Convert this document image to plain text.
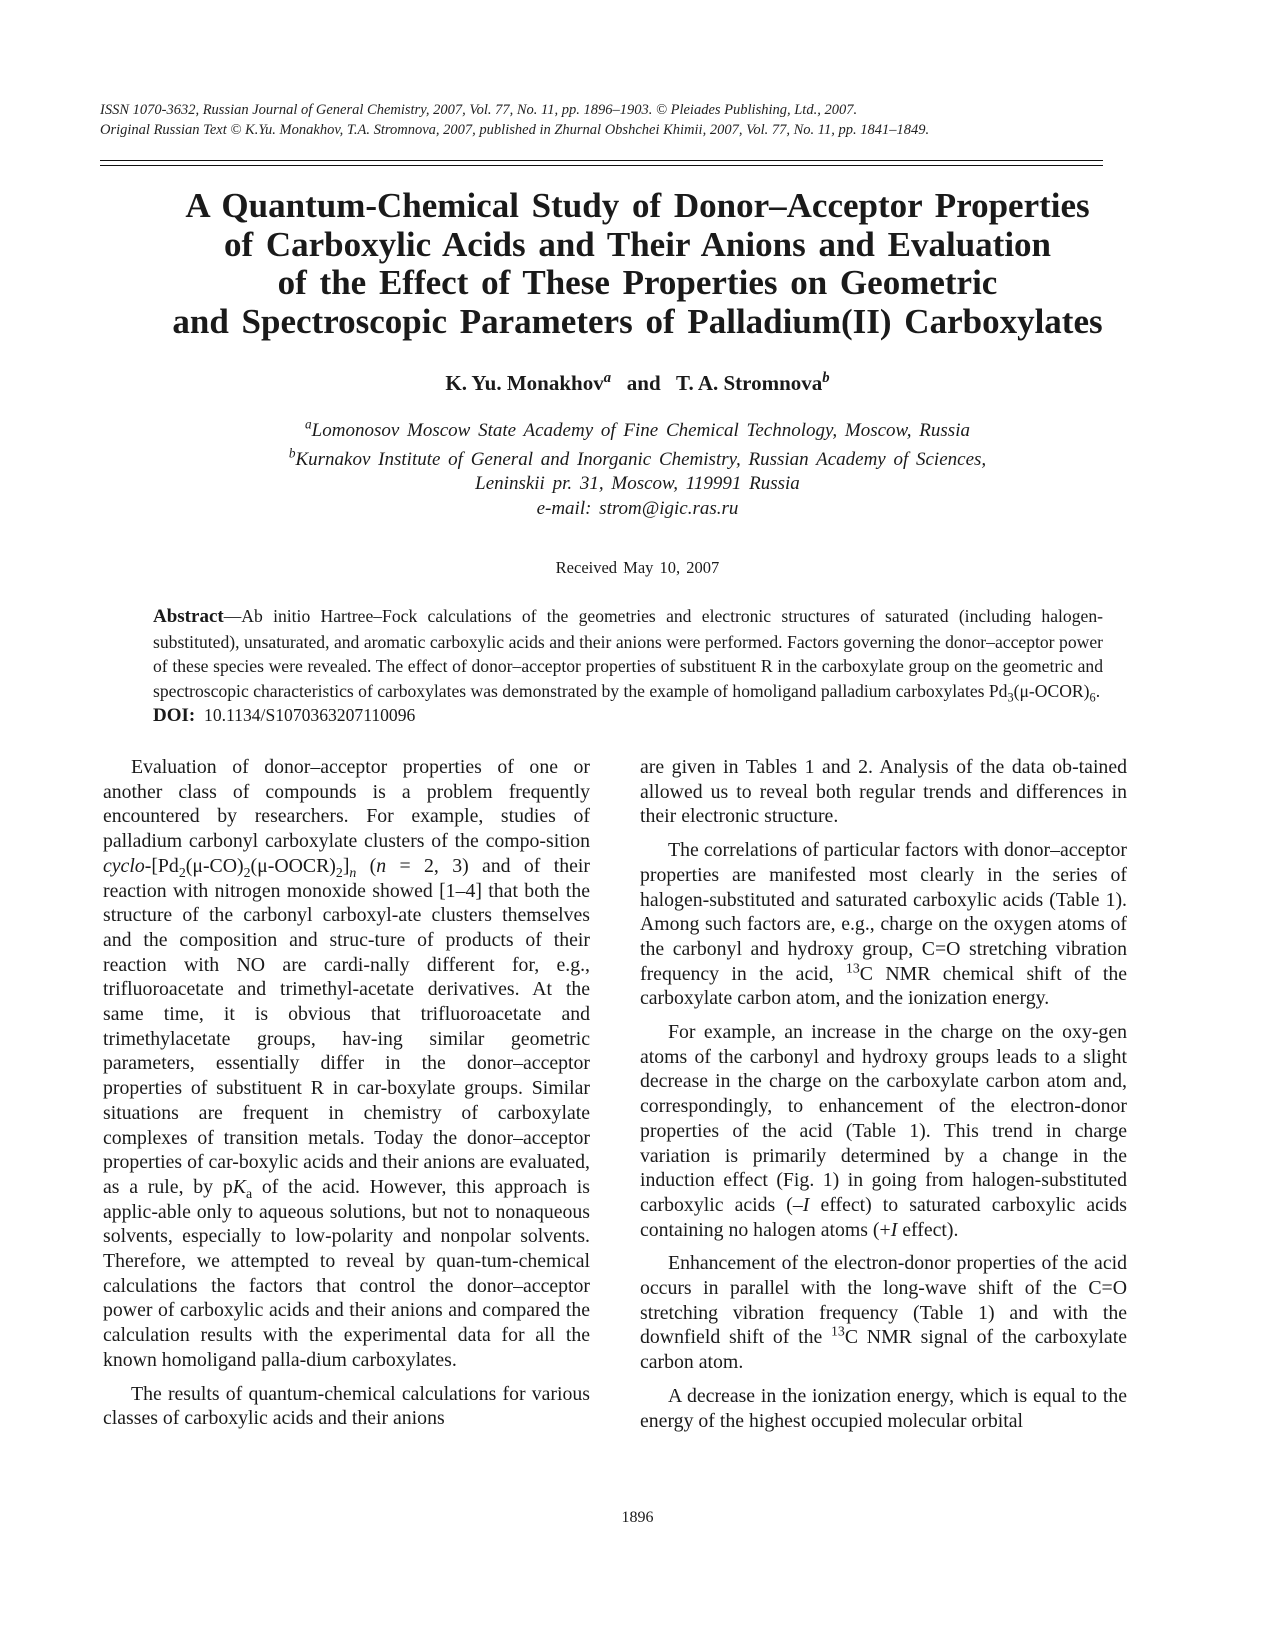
ISSN 1070-3632, Russian Journal of General Chemistry, 2007, Vol. 77, No. 11, pp. 1896–1903. © Pleiades Publishing, Ltd., 2007.
Original Russian Text © K.Yu. Monakhov, T.A. Stromnova, 2007, published in Zhurnal Obshchei Khimii, 2007, Vol. 77, No. 11, pp. 1841–1849.
A Quantum-Chemical Study of Donor–Acceptor Properties
of Carboxylic Acids and Their Anions and Evaluation
of the Effect of These Properties on Geometric
and Spectroscopic Parameters of Palladium(II) Carboxylates
K. Yu. Monakhov$^a$ and T. A. Stromnova$^b$
$^a$Lomonosov Moscow State Academy of Fine Chemical Technology, Moscow, Russia
$^b$Kurnakov Institute of General and Inorganic Chemistry, Russian Academy of Sciences,
Leninskii pr. 31, Moscow, 119991 Russia
e-mail: strom@igic.ras.ru
Received May 10, 2007
Abstract—Ab initio Hartree–Fock calculations of the geometries and electronic structures of saturated (including halogen-substituted), unsaturated, and aromatic carboxylic acids and their anions were performed. Factors governing the donor–acceptor power of these species were revealed. The effect of donor–acceptor properties of substituent R in the carboxylate group on the geometric and spectroscopic characteristics of carboxylates was demonstrated by the example of homoligand palladium carboxylates $Pd_3(\mu-OCOR)_6$.
DOI: 10.1134/S1070363207110096

Evaluation of donor–acceptor properties of one or another class of compounds is a problem frequently encountered by researchers. For example, studies of palladium carbonyl carboxylate clusters of the compo-sition cyclo-$[Pd_2(\mu-CO)_2(\mu-OOCR)_2]_n$ (n = 2, 3) and of their reaction with nitrogen monoxide showed [1–4] that both the structure of the carbonyl carboxyl-ate clusters themselves and the composition and struc-ture of products of their reaction with NO are cardi-nally different for, e.g., trifluoroacetate and trimethyl-acetate derivatives. At the same time, it is obvious that trifluoroacetate and trimethylacetate groups, hav-ing similar geometric parameters, essentially differ in the donor–acceptor properties of substituent R in car-boxylate groups. Similar situations are frequent in chemistry of carboxylate complexes of transition metals. Today the donor–acceptor properties of car-boxylic acids and their anions are evaluated, as a rule, by $pK_a$ of the acid. However, this approach is applic-able only to aqueous solutions, but not to nonaqueous solvents, especially to low-polarity and nonpolar solvents. Therefore, we attempted to reveal by quan-tum-chemical calculations the factors that control the donor–acceptor power of carboxylic acids and their anions and compared the calculation results with the experimental data for all the known homoligand palla-dium carboxylates.

The results of quantum-chemical calculations for various classes of carboxylic acids and their anions

are given in Tables 1 and 2. Analysis of the data ob-tained allowed us to reveal both regular trends and differences in their electronic structure.

The correlations of particular factors with donor–acceptor properties are manifested most clearly in the series of halogen-substituted and saturated carboxylic acids (Table 1). Among such factors are, e.g., charge on the oxygen atoms of the carbonyl and hydroxy group, C=O stretching vibration frequency in the acid, $^{13}$C NMR chemical shift of the carboxylate carbon atom, and the ionization energy.

For example, an increase in the charge on the oxy-gen atoms of the carbonyl and hydroxy groups leads to a slight decrease in the charge on the carboxylate carbon atom and, correspondingly, to enhancement of the electron-donor properties of the acid (Table 1). This trend in charge variation is primarily determined by a change in the induction effect (Fig. 1) in going from halogen-substituted carboxylic acids (–I effect) to saturated carboxylic acids containing no halogen atoms (+I effect).

Enhancement of the electron-donor properties of the acid occurs in parallel with the long-wave shift of the C=O stretching vibration frequency (Table 1) and with the downfield shift of the $^{13}$C NMR signal of the carboxylate carbon atom.

A decrease in the ionization energy, which is equal to the energy of the highest occupied molecular orbital

1896
